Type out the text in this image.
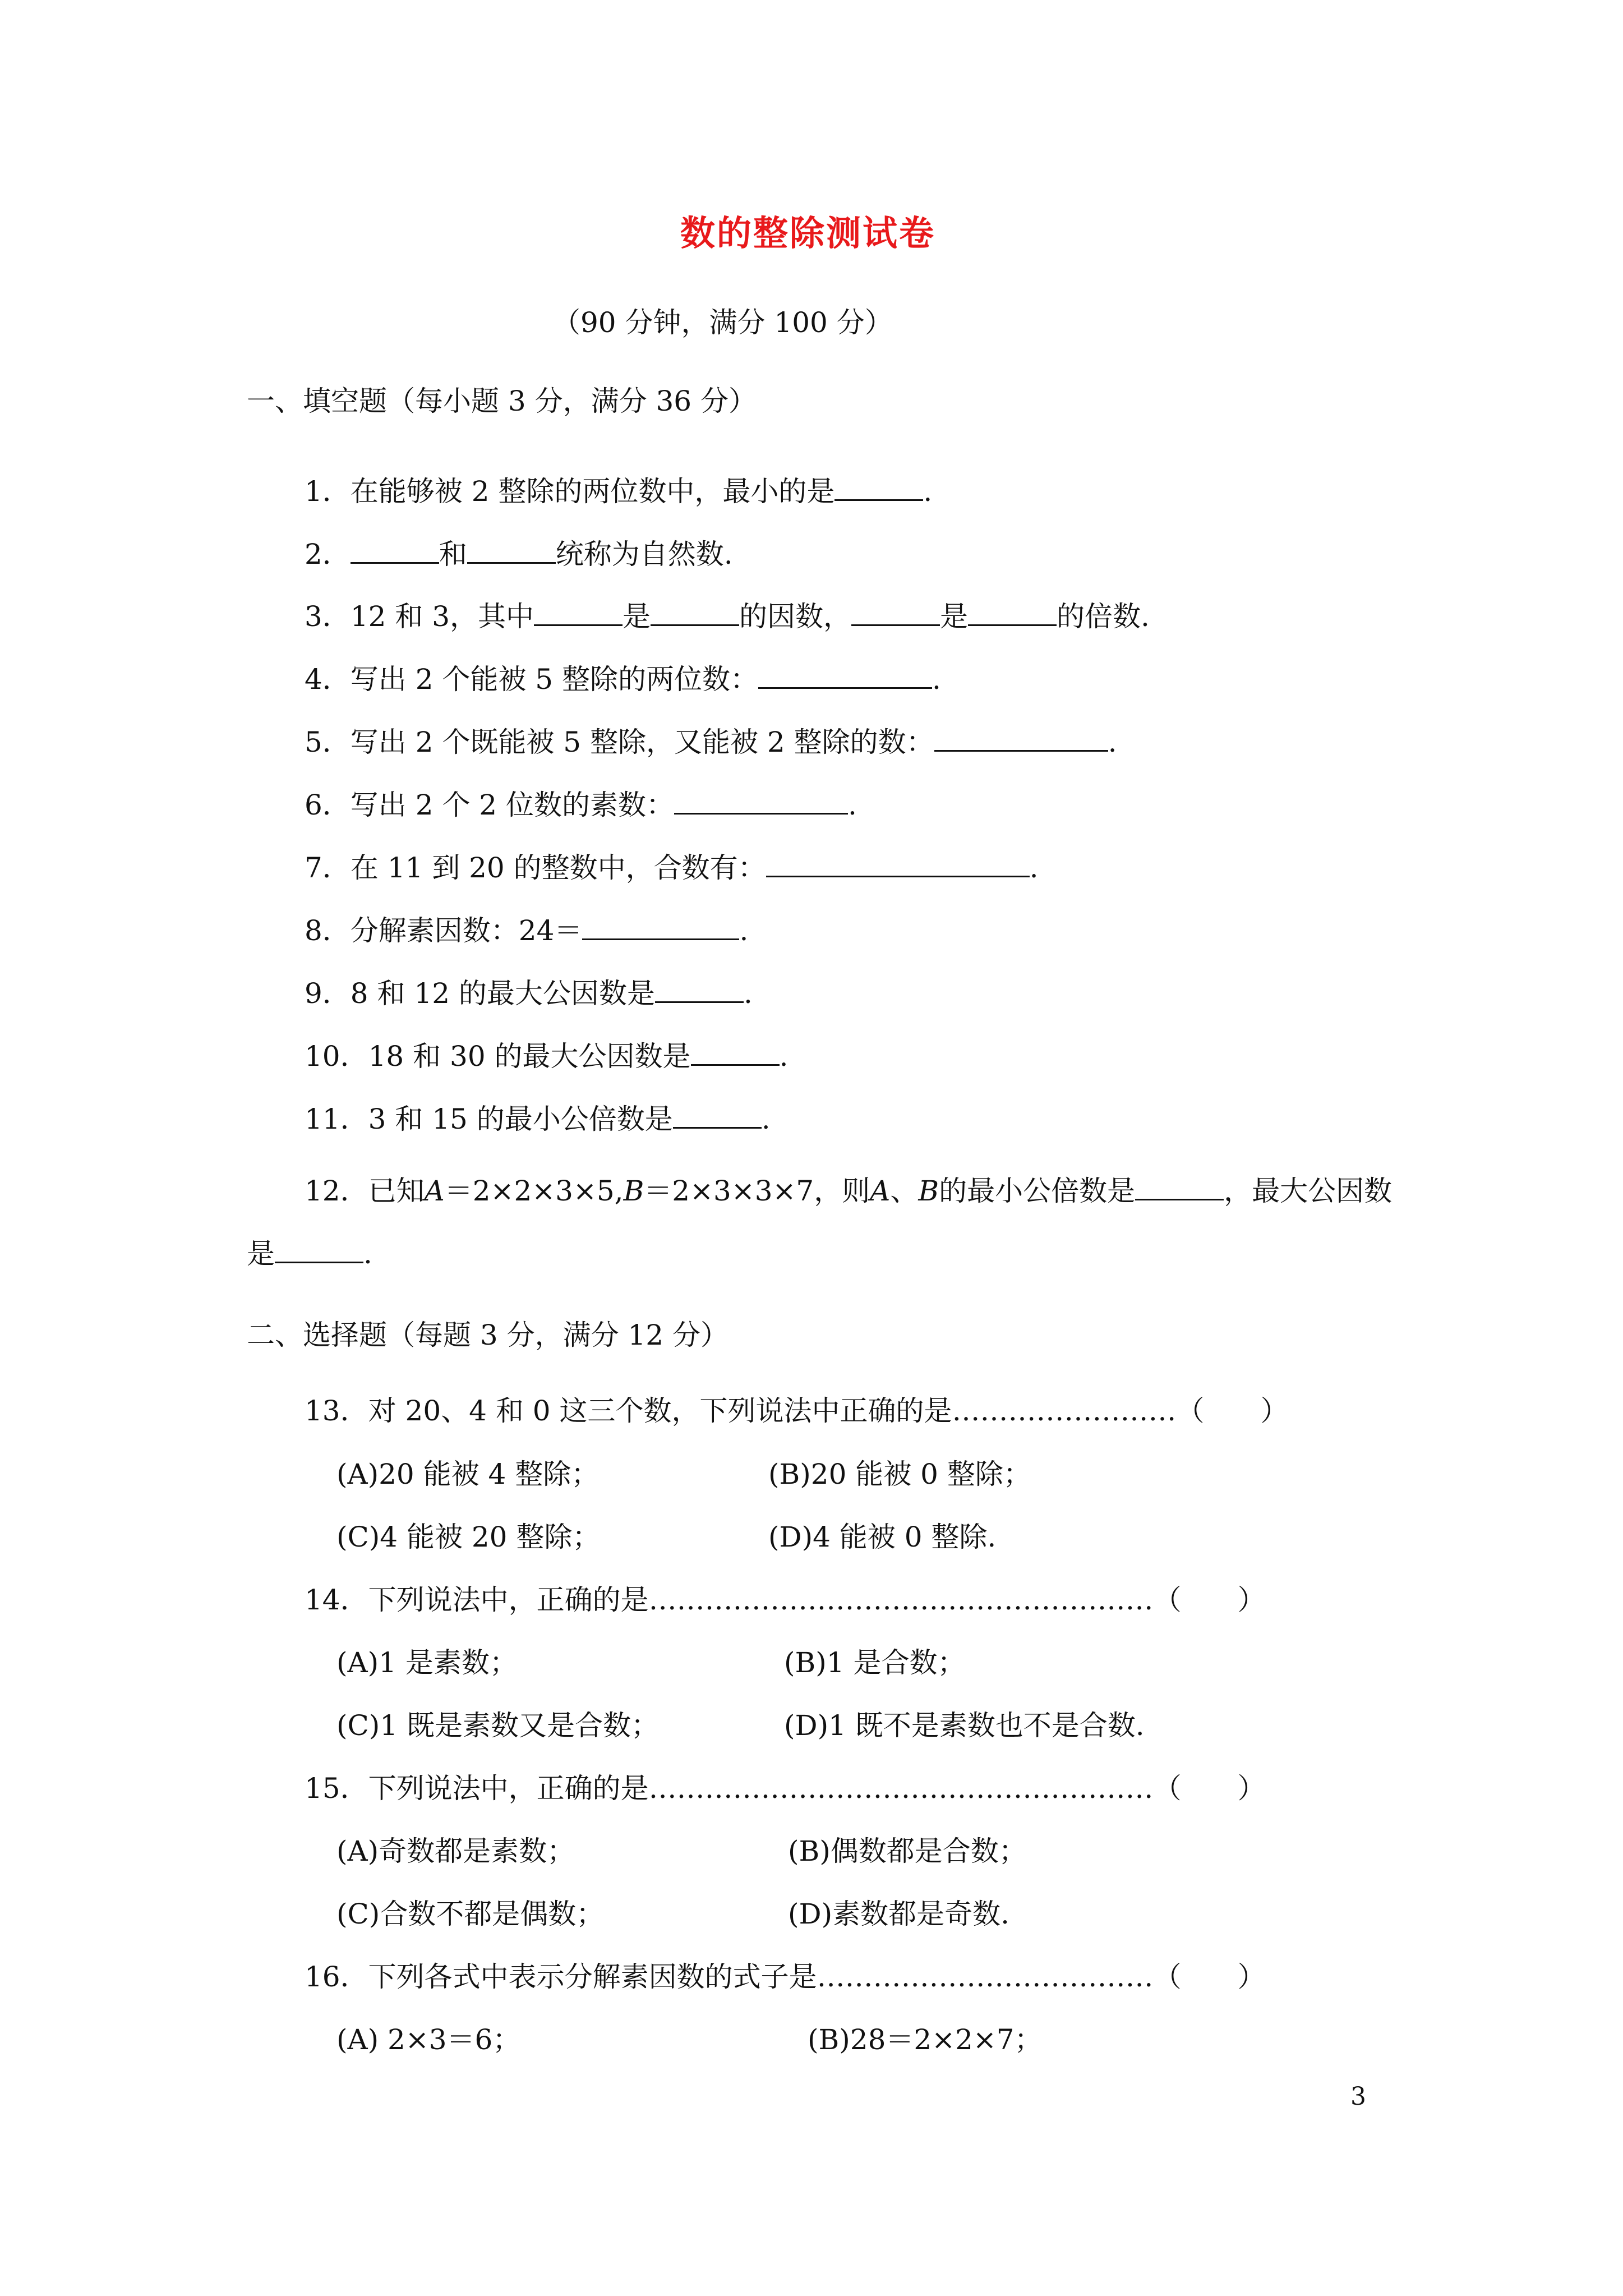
数的整除测试卷
（90 分钟，满分 100 分）
一、填空题（每小题 3 分，满分 36 分）
1．在能够被 2 整除的两位数中，最小的是	.
2．	和	统称为自然数.
3．12 和 3，其中	是	的因数，	是	的倍数.
4．写出 2 个能被 5 整除的两位数：	.
5．写出 2 个既能被 5 整除，又能被 2 整除的数：	.
6．写出 2 个 2 位数的素数：	.
7．在 11 到 20 的整数中，合数有：	.
8．分解素因数：24＝	.
9．8 和 12 的最大公因数是	.
10．18 和 30 的最大公因数是	.
11．3 和 15 的最小公倍数是	.
12．已知A＝2×2×3×5,B＝2×3×3×7，则A、B的最小公倍数是	，最大公因数
是	.
二、选择题（每题 3 分，满分 12 分）
13．对 20、4 和 0 这三个数，下列说法中正确的是……………………（　　）
(A)20 能被 4 整除；	(B)20 能被 0 整除；
(C)4 能被 20 整除；	(D)4 能被 0 整除.
14．下列说法中，正确的是………………………………………………（　　）
(A)1 是素数；	(B)1 是合数；
(C)1 既是素数又是合数；	(D)1 既不是素数也不是合数.
15．下列说法中，正确的是………………………………………………（　　）
(A)奇数都是素数；	(B)偶数都是合数；
(C)合数不都是偶数；	(D)素数都是奇数.
16．下列各式中表示分解素因数的式子是………………………………（　　）
(A) 2×3＝6；	(B)28＝2×2×7；
3
